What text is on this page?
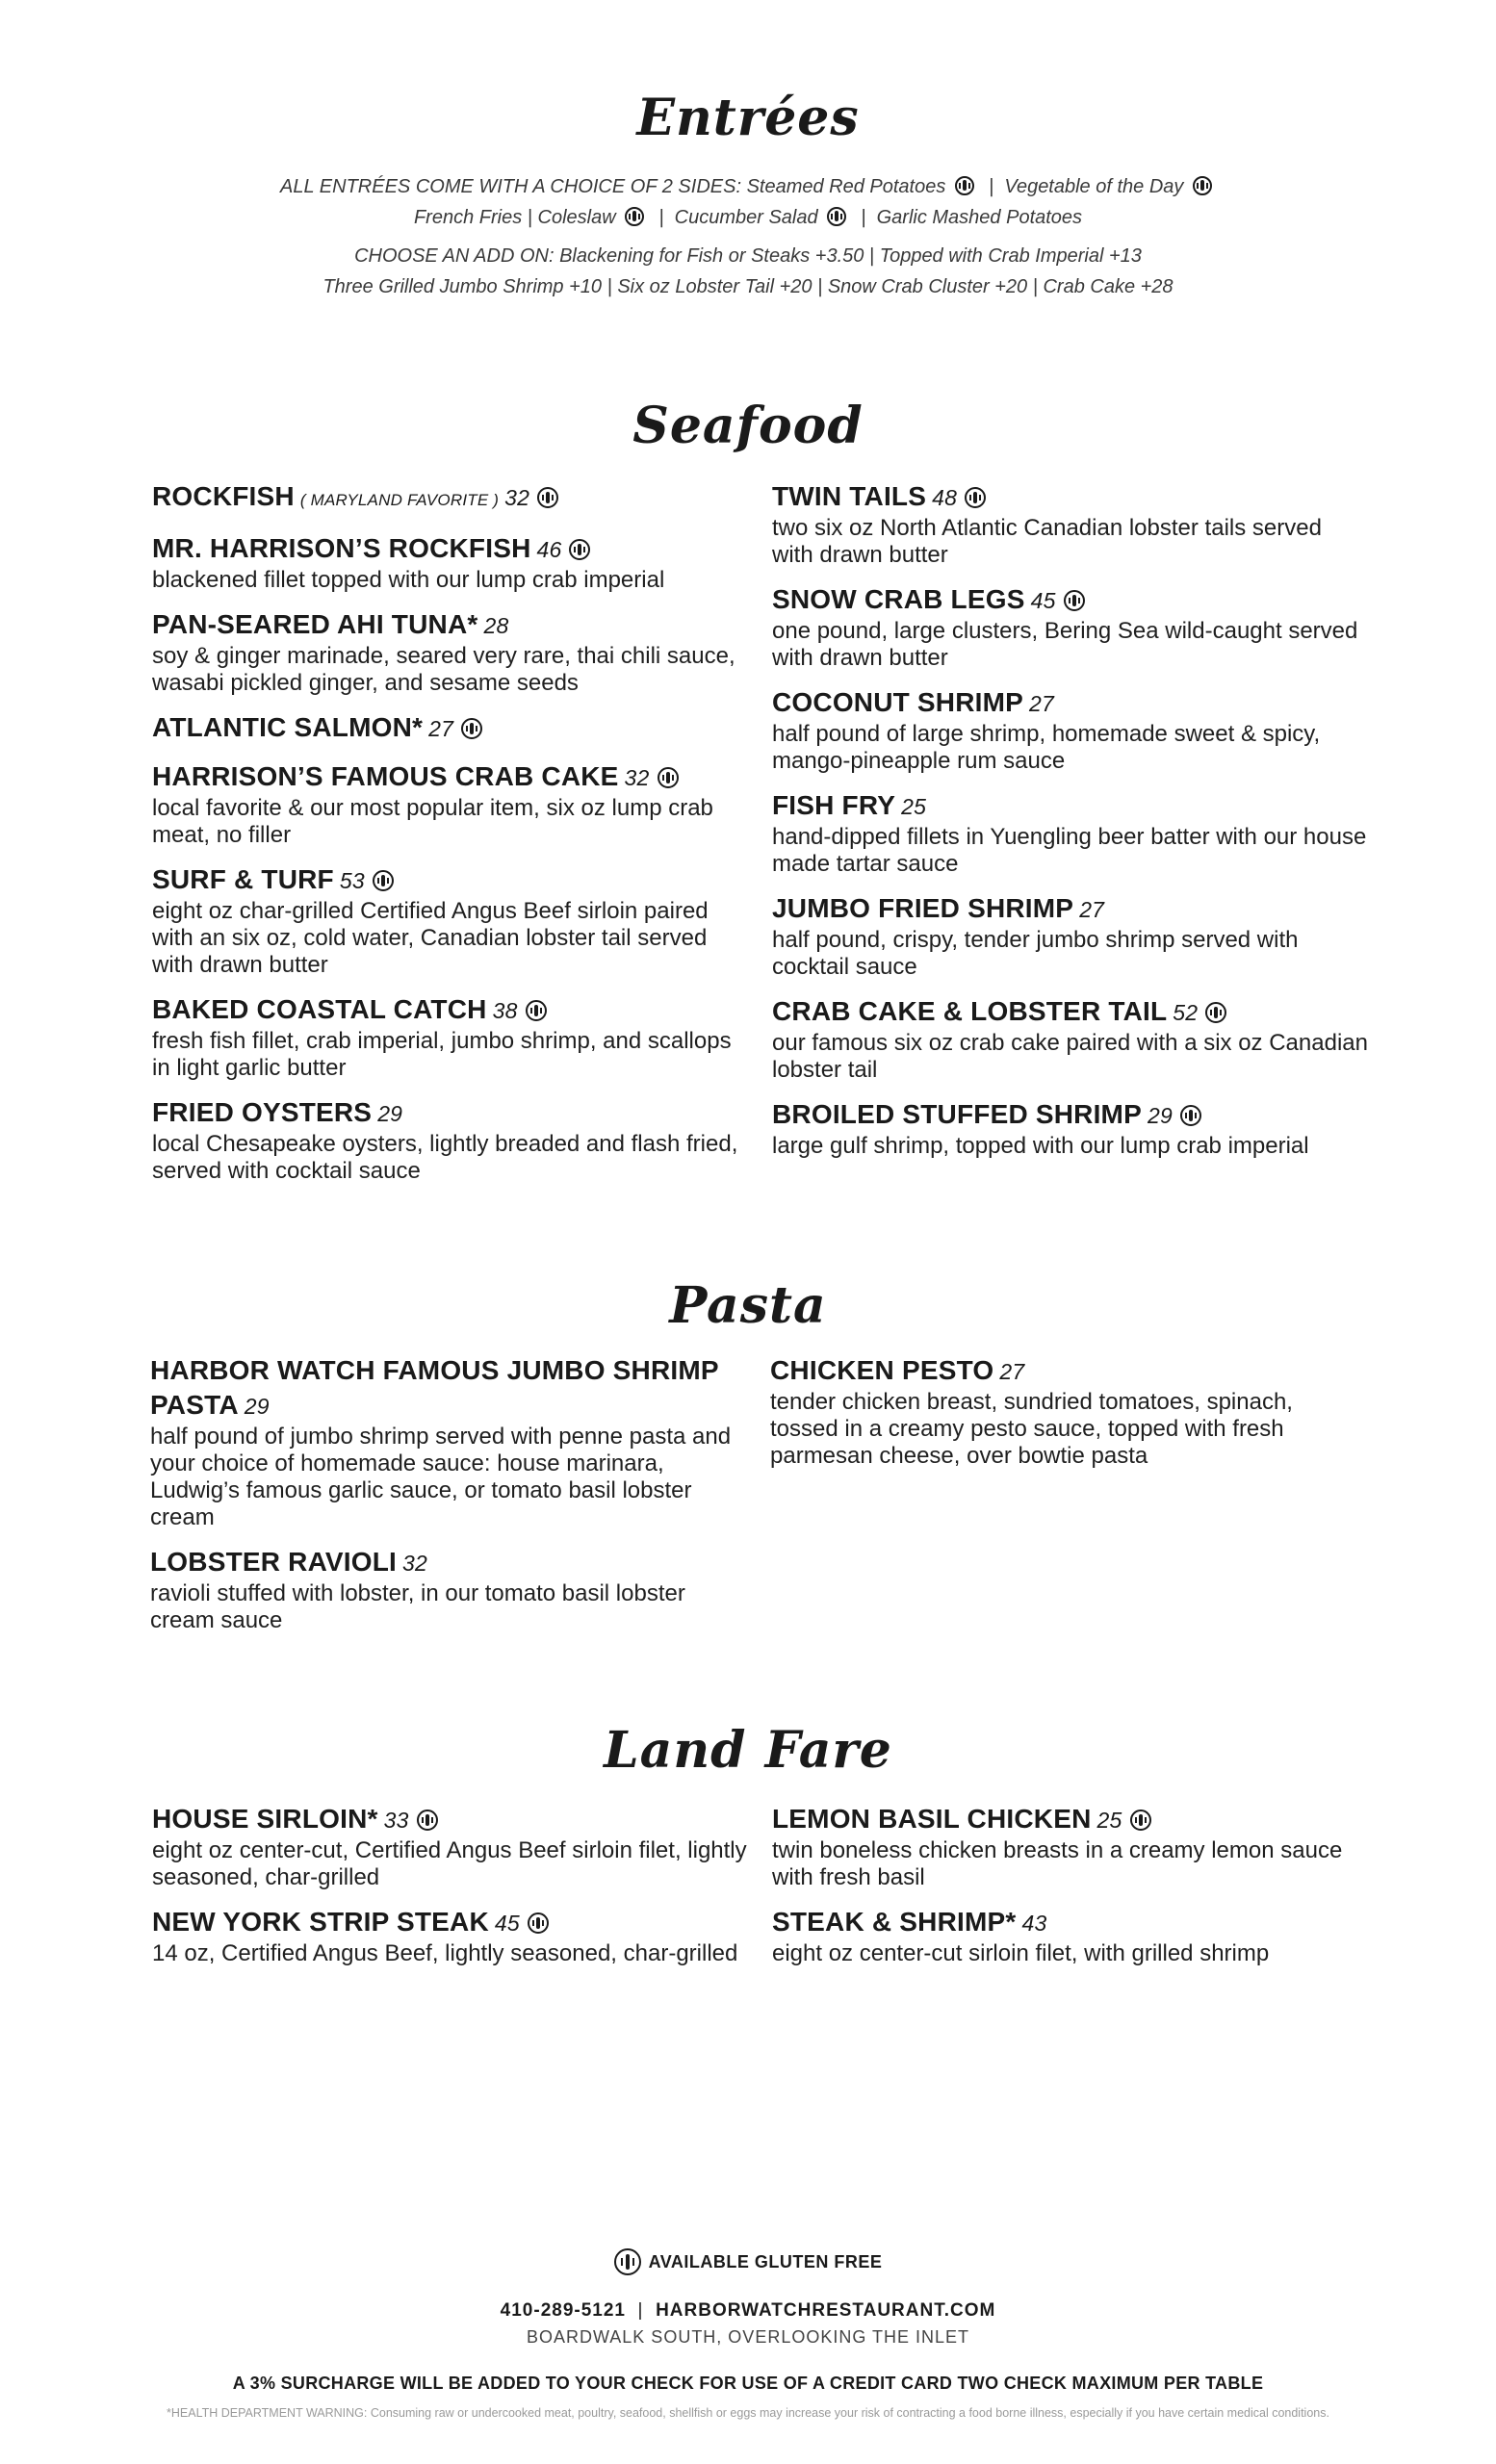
Entrées
ALL ENTRÉES COME WITH A CHOICE OF 2 SIDES: Steamed Red Potatoes   |  Vegetable of the Day
French Fries | Coleslaw   |  Cucumber Salad   |  Garlic Mashed Potatoes
CHOOSE AN ADD ON: Blackening for Fish or Steaks +3.50 | Topped with Crab Imperial +13
Three Grilled Jumbo Shrimp +10 | Six oz Lobster Tail +20 | Snow Crab Cluster +20 | Crab Cake +28
Seafood
ROCKFISH ( MARYLAND FAVORITE ) 32
MR. HARRISON’S ROCKFISH 46
blackened fillet topped with our lump crab imperial
PAN-SEARED AHI TUNA* 28
soy & ginger marinade, seared very rare, thai chili sauce, wasabi pickled ginger, and sesame seeds
ATLANTIC SALMON* 27
HARRISON’S FAMOUS CRAB CAKE 32
local favorite & our most popular item, six oz lump crab meat, no filler
SURF & TURF 53
eight oz char-grilled Certified Angus Beef sirloin paired with an six oz, cold water, Canadian lobster tail served with drawn butter
BAKED COASTAL CATCH 38
fresh fish fillet, crab imperial, jumbo shrimp, and scallops in light garlic butter
FRIED OYSTERS 29
local Chesapeake oysters, lightly breaded and flash fried, served with cocktail sauce
TWIN TAILS 48
two six oz North Atlantic Canadian lobster tails served with drawn butter
SNOW CRAB LEGS 45
one pound, large clusters, Bering Sea wild-caught served with drawn butter
COCONUT SHRIMP 27
half pound of large shrimp, homemade sweet & spicy, mango-pineapple rum sauce
FISH FRY 25
hand-dipped fillets in Yuengling beer batter with our house made tartar sauce
JUMBO FRIED SHRIMP 27
half pound, crispy, tender jumbo shrimp served with cocktail sauce
CRAB CAKE & LOBSTER TAIL 52
our famous six oz crab cake paired with a six oz Canadian lobster tail
BROILED STUFFED SHRIMP 29
large gulf shrimp, topped with our lump crab imperial
Pasta
HARBOR WATCH FAMOUS JUMBO SHRIMP PASTA 29
half pound of jumbo shrimp served with penne pasta and your choice of homemade sauce: house marinara, Ludwig’s famous garlic sauce, or tomato basil lobster cream
LOBSTER RAVIOLI 32
ravioli stuffed with lobster, in our tomato basil lobster cream sauce
CHICKEN PESTO 27
tender chicken breast, sundried tomatoes, spinach, tossed in a creamy pesto sauce, topped with fresh parmesan cheese, over bowtie pasta
Land Fare
HOUSE SIRLOIN* 33
eight oz center-cut, Certified Angus Beef sirloin filet, lightly seasoned, char-grilled
NEW YORK STRIP STEAK 45
14 oz, Certified Angus Beef, lightly seasoned, char-grilled
LEMON BASIL CHICKEN 25
twin boneless chicken breasts in a creamy lemon sauce with fresh basil
STEAK & SHRIMP* 43
eight oz center-cut sirloin filet, with grilled shrimp
AVAILABLE GLUTEN FREE
410-289-5121  |  HARBORWATCHRESTAURANT.COM
BOARDWALK SOUTH, OVERLOOKING THE INLET
A 3% SURCHARGE WILL BE ADDED TO YOUR CHECK FOR USE OF A CREDIT CARD TWO CHECK MAXIMUM PER TABLE
*HEALTH DEPARTMENT WARNING: Consuming raw or undercooked meat, poultry, seafood, shellfish or eggs may increase your risk of contracting a food borne illness, especially if you have certain medical conditions.
